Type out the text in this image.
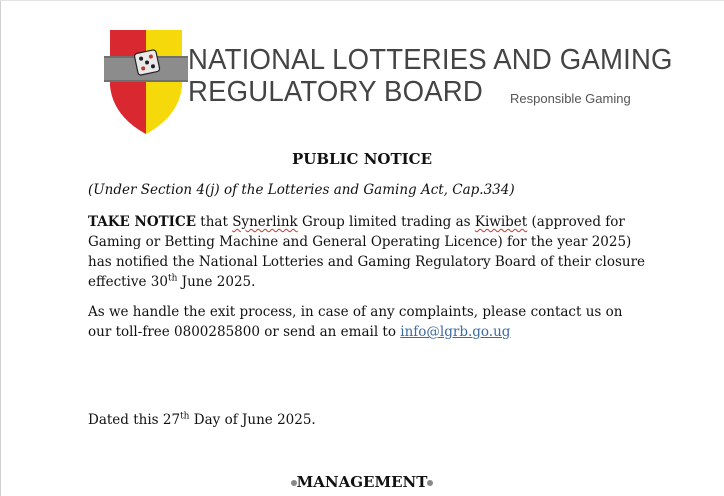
NATIONAL LOTTERIES AND GAMING
REGULATORY BOARD	Responsible Gaming
PUBLIC NOTICE
(Under Section 4(j) of the Lotteries and Gaming Act, Cap.334)
TAKE NOTICE that Synerlink Group limited trading as Kiwibet (approved for Gaming or Betting Machine and General Operating Licence) for the year 2025) has notified the National Lotteries and Gaming Regulatory Board of their closure effective 30th June 2025.
As we handle the exit process, in case of any complaints, please contact us on our toll-free 0800285800 or send an email to info@lgrb.go.ug
Dated this 27th Day of June 2025.
MANAGEMENT
